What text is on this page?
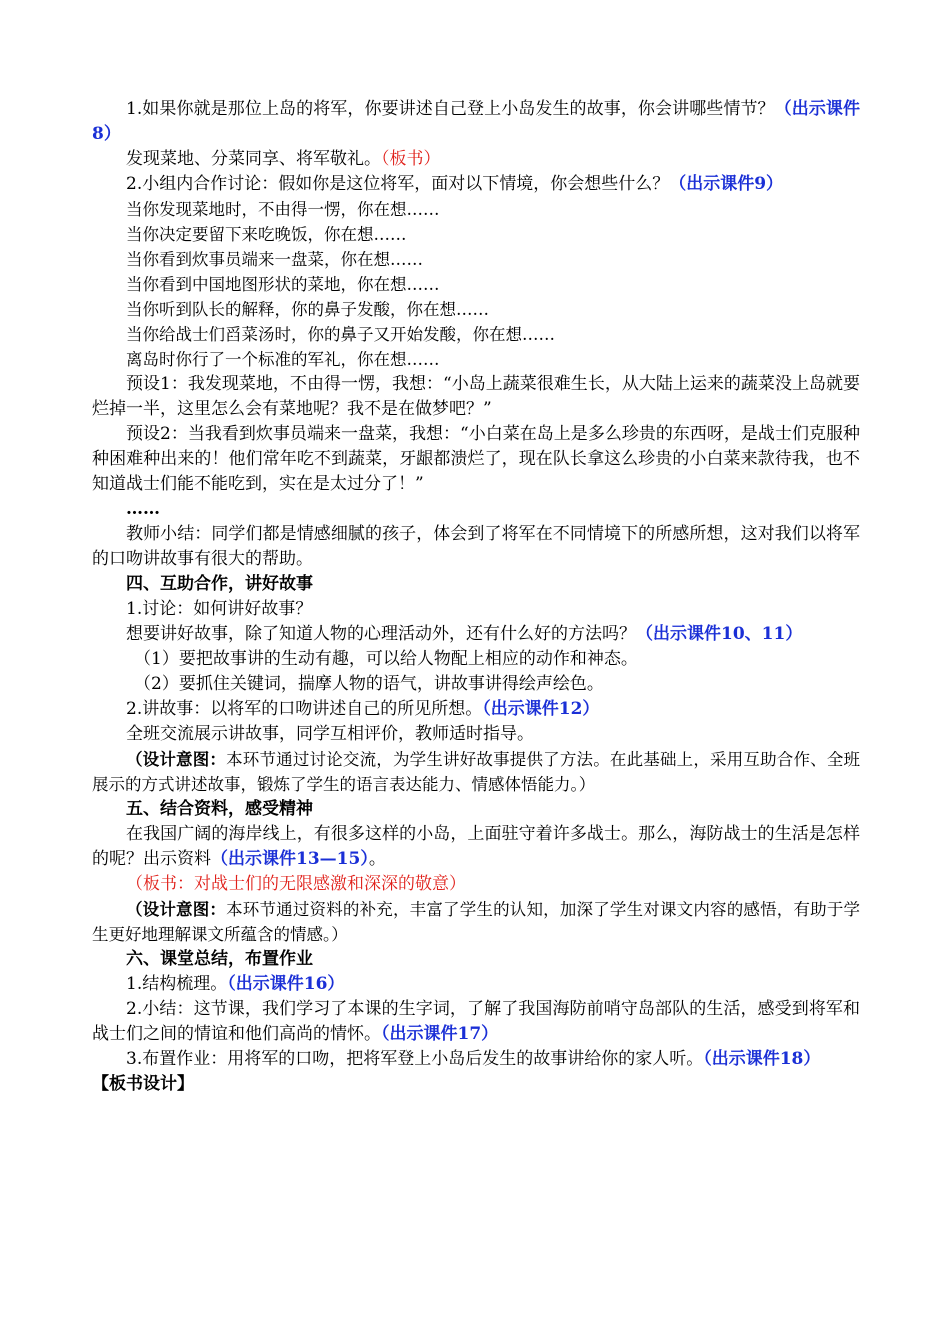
1.如果你就是那位上岛的将军，你要讲述自己登上小岛发生的故事，你会讲哪些情节？（出示课件8）
发现菜地、分菜同享、将军敬礼。（板书）
2.小组内合作讨论：假如你是这位将军，面对以下情境，你会想些什么？（出示课件9）
当你发现菜地时，不由得一愣，你在想……
当你决定要留下来吃晚饭，你在想……
当你看到炊事员端来一盘菜，你在想……
当你看到中国地图形状的菜地，你在想……
当你听到队长的解释，你的鼻子发酸，你在想……
当你给战士们舀菜汤时，你的鼻子又开始发酸，你在想……
离岛时你行了一个标准的军礼，你在想……
预设1：我发现菜地，不由得一愣，我想：“小岛上蔬菜很难生长，从大陆上运来的蔬菜没上岛就要烂掉一半，这里怎么会有菜地呢？我不是在做梦吧？”
预设2：当我看到炊事员端来一盘菜，我想：“小白菜在岛上是多么珍贵的东西呀，是战士们克服种种困难种出来的！他们常年吃不到蔬菜，牙龈都溃烂了，现在队长拿这么珍贵的小白菜来款待我，也不知道战士们能不能吃到，实在是太过分了！”
……
教师小结：同学们都是情感细腻的孩子，体会到了将军在不同情境下的所感所想，这对我们以将军的口吻讲故事有很大的帮助。
四、互助合作，讲好故事
1.讨论：如何讲好故事？
想要讲好故事，除了知道人物的心理活动外，还有什么好的方法吗？（出示课件10、11）
（1）要把故事讲的生动有趣，可以给人物配上相应的动作和神态。
（2）要抓住关键词，揣摩人物的语气，讲故事讲得绘声绘色。
2.讲故事：以将军的口吻讲述自己的所见所想。（出示课件12）
全班交流展示讲故事，同学互相评价，教师适时指导。
（设计意图：本环节通过讨论交流，为学生讲好故事提供了方法。在此基础上，采用互助合作、全班展示的方式讲述故事，锻炼了学生的语言表达能力、情感体悟能力。）
五、结合资料，感受精神
在我国广阔的海岸线上，有很多这样的小岛，上面驻守着许多战士。那么，海防战士的生活是怎样的呢？出示资料（出示课件13—15）。
（板书：对战士们的无限感激和深深的敬意）
（设计意图：本环节通过资料的补充，丰富了学生的认知，加深了学生对课文内容的感悟，有助于学生更好地理解课文所蕴含的情感。）
六、课堂总结，布置作业
1.结构梳理。（出示课件16）
2.小结：这节课，我们学习了本课的生字词，了解了我国海防前哨守岛部队的生活，感受到将军和战士们之间的情谊和他们高尚的情怀。（出示课件17）
3.布置作业：用将军的口吻，把将军登上小岛后发生的故事讲给你的家人听。（出示课件18）
【板书设计】
